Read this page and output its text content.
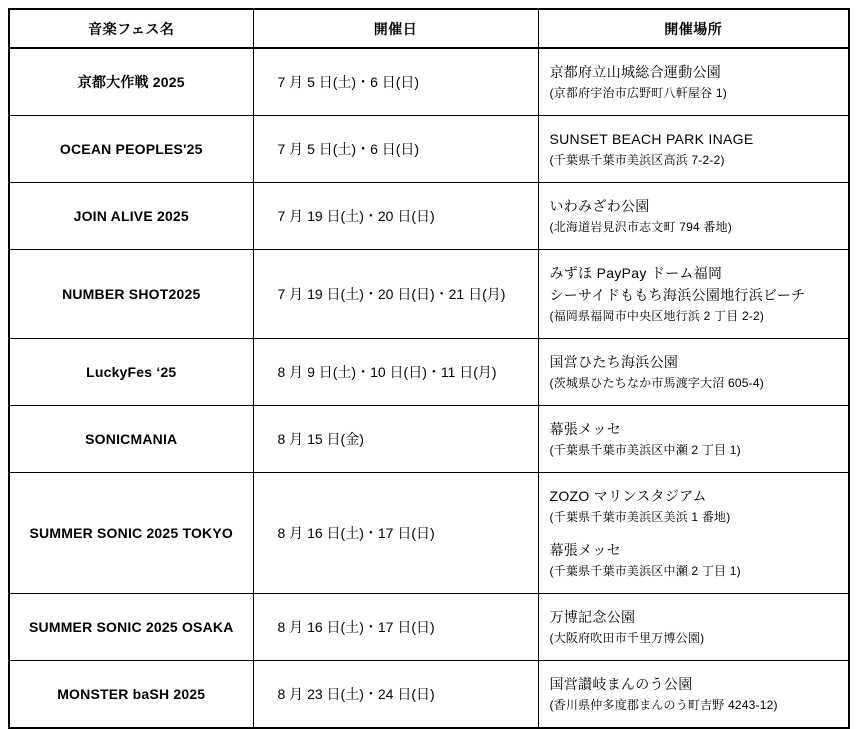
音楽フェス名	開催日	開催場所
京都大作戦 2025	7 月 5 日(土)・6 日(日)	京都府立山城総合運動公園
(京都府宇治市広野町八軒屋谷 1)

OCEAN PEOPLES'25	7 月 5 日(土)・6 日(日)	SUNSET BEACH PARK INAGE
(千葉県千葉市美浜区高浜 7-2-2)

JOIN ALIVE 2025	7 月 19 日(土)・20 日(日)	いわみざわ公園
(北海道岩見沢市志文町 794 番地)

NUMBER SHOT2025	7 月 19 日(土)・20 日(日)・21 日(月)	みずほ PayPay ドーム福岡
シーサイドももち海浜公園地行浜ビーチ
(福岡県福岡市中央区地行浜 2 丁目 2-2)

LuckyFes ‘25	8 月 9 日(土)・10 日(日)・11 日(月)	国営ひたち海浜公園
(茨城県ひたちなか市馬渡字大沼 605-4)

SONICMANIA	8 月 15 日(金)	幕張メッセ
(千葉県千葉市美浜区中瀬 2 丁目 1)

SUMMER SONIC 2025 TOKYO	8 月 16 日(土)・17 日(日)	ZOZO マリンスタジアム
(千葉県千葉市美浜区美浜 1 番地)
幕張メッセ
(千葉県千葉市美浜区中瀬 2 丁目 1)

SUMMER SONIC 2025 OSAKA	8 月 16 日(土)・17 日(日)	万博記念公園
(大阪府吹田市千里万博公園)

MONSTER baSH 2025	8 月 23 日(土)・24 日(日)	国営讃岐まんのう公園
(香川県仲多度郡まんのう町吉野 4243-12)
